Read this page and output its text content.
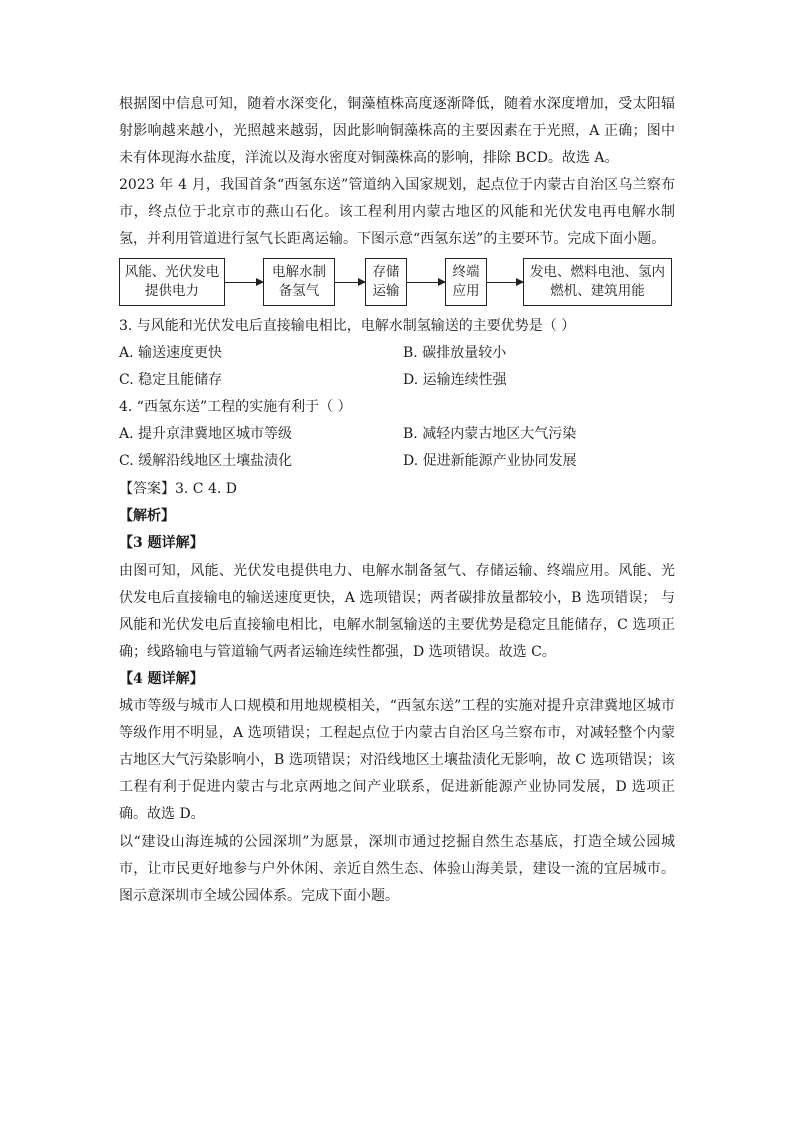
根据图中信息可知，随着水深变化，铜藻植株高度逐渐降低，随着水深度增加，受太阳辐射影响越来越小，光照越来越弱，因此影响铜藻株高的主要因素在于光照，A 正确；图中未有体现海水盐度，洋流以及海水密度对铜藻株高的影响，排除 BCD。故选 A。

2023 年 4 月，我国首条“西氢东送”管道纳入国家规划，起点位于内蒙古自治区乌兰察布市，终点位于北京市的燕山石化。该工程利用内蒙古地区的风能和光伏发电再电解水制氢，并利用管道进行氢气长距离运输。下图示意“西氢东送”的主要环节。完成下面小题。

风能、光伏发电提供电力
电解水制备氢气
存储运输
终端应用
发电、燃料电池、氢内燃机、建筑用能
3. 与风能和光伏发电后直接输电相比，电解水制氢输送的主要优势是（ ）
A. 输送速度更快	B. 碳排放量较小
C. 稳定且能储存	D. 运输连续性强
4. “西氢东送”工程的实施有利于（ ）
A. 提升京津冀地区城市等级	B. 减轻内蒙古地区大气污染
C. 缓解沿线地区土壤盐渍化	D. 促进新能源产业协同发展
【答案】3. C 4. D
【解析】
【3 题详解】

由图可知，风能、光伏发电提供电力、电解水制备氢气、存储运输、终端应用。风能、光伏发电后直接输电的输送速度更快，A 选项错误；两者碳排放量都较小，B 选项错误； 与风能和光伏发电后直接输电相比，电解水制氢输送的主要优势是稳定且能储存，C 选项正确；线路输电与管道输气两者运输连续性都强，D 选项错误。故选 C。

【4 题详解】

城市等级与城市人口规模和用地规模相关，“西氢东送”工程的实施对提升京津冀地区城市等级作用不明显，A 选项错误；工程起点位于内蒙古自治区乌兰察布市，对减轻整个内蒙古地区大气污染影响小，B 选项错误；对沿线地区土壤盐渍化无影响，故 C 选项错误；该工程有利于促进内蒙古与北京两地之间产业联系，促进新能源产业协同发展，D 选项正确。故选 D。

以“建设山海连城的公园深圳”为愿景，深圳市通过挖掘自然生态基底，打造全域公园城市，让市民更好地参与户外休闲、亲近自然生态、体验山海美景，建设一流的宜居城市。图示意深圳市全域公园体系。完成下面小题。
